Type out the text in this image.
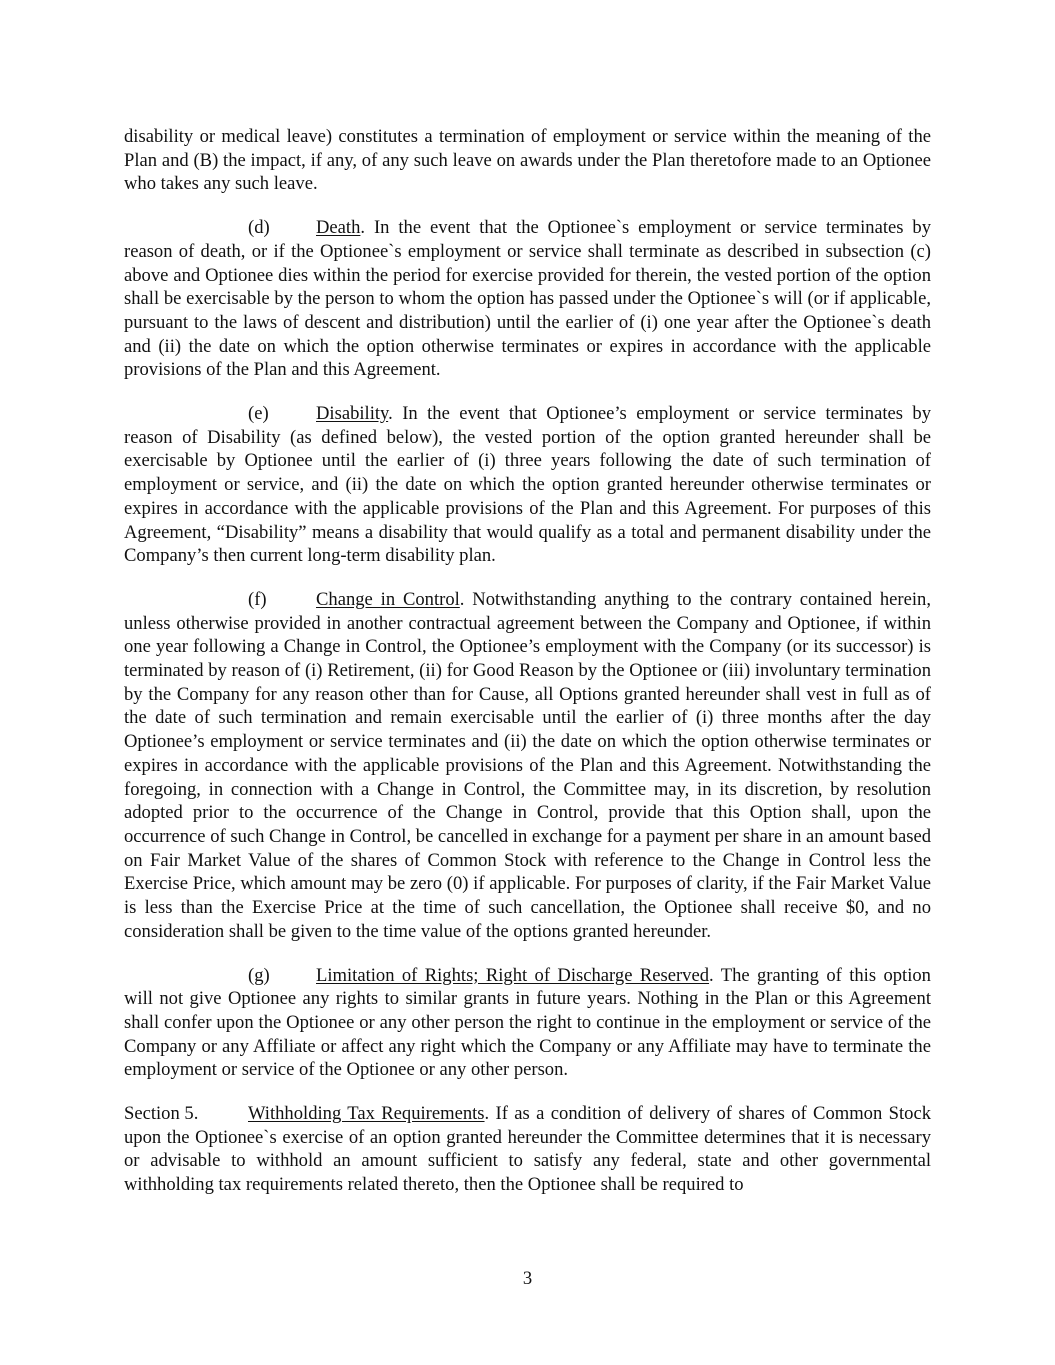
disability or medical leave) constitutes a termination of employment or service within the meaning of the Plan and (B) the impact, if any, of any such leave on awards under the Plan theretofore made to an Optionee who takes any such leave.

(d) Death. In the event that the Optionee`s employment or service terminates by reason of death, or if the Optionee`s employment or service shall terminate as described in subsection (c) above and Optionee dies within the period for exercise provided for therein, the vested portion of the option shall be exercisable by the person to whom the option has passed under the Optionee`s will (or if applicable, pursuant to the laws of descent and distribution) until the earlier of (i) one year after the Optionee`s death and (ii) the date on which the option otherwise terminates or expires in accordance with the applicable provisions of the Plan and this Agreement.

(e)	Disability. In the event that Optionee’s employment or service terminates by reason of Disability (as defined below), the vested portion of the option granted hereunder shall be exercisable by Optionee until the earlier of (i) three years following the date of such termination of employment or service, and (ii) the date on which the option granted hereunder otherwise terminates or expires in accordance with the applicable provisions of the Plan and this Agreement. For purposes of this Agreement, “Disability” means a disability that would qualify as a total and permanent disability under the Company’s then current long-term disability plan.

(f)	Change in Control. Notwithstanding anything to the contrary contained herein, unless otherwise provided in another contractual agreement between the Company and Optionee, if within one year following a Change in Control, the Optionee’s employment with the Company (or its successor) is terminated by reason of (i) Retirement, (ii) for Good Reason by the Optionee or (iii) involuntary termination by the Company for any reason other than for Cause, all Options granted hereunder shall vest in full as of the date of such termination and remain exercisable until the earlier of (i) three months after the day Optionee’s employment or service terminates and (ii) the date on which the option otherwise terminates or expires in accordance with the applicable provisions of the Plan and this Agreement. Notwithstanding the foregoing, in connection with a Change in Control, the Committee may, in its discretion, by resolution adopted prior to the occurrence of the Change in Control, provide that this Option shall, upon the occurrence of such Change in Control, be cancelled in exchange for a payment per share in an amount based on Fair Market Value of the shares of Common Stock with reference to the Change in Control less the Exercise Price, which amount may be zero (0) if applicable. For purposes of clarity, if the Fair Market Value is less than the Exercise Price at the time of such cancellation, the Optionee shall receive $0, and no consideration shall be given to the time value of the options granted hereunder.

(g) Limitation of Rights; Right of Discharge Reserved. The granting of this option will not give Optionee any rights to similar grants in future years. Nothing in the Plan or this Agreement shall confer upon the Optionee or any other person the right to continue in the employment or service of the Company or any Affiliate or affect any right which the Company or any Affiliate may have to terminate the employment or service of the Optionee or any other person.

Section 5.	Withholding Tax Requirements. If as a condition of delivery of shares of Common Stock upon the Optionee`s exercise of an option granted hereunder the Committee determines that it is necessary or advisable to withhold an amount sufficient to satisfy any federal, state and other governmental withholding tax requirements related thereto, then the Optionee shall be required to

3
